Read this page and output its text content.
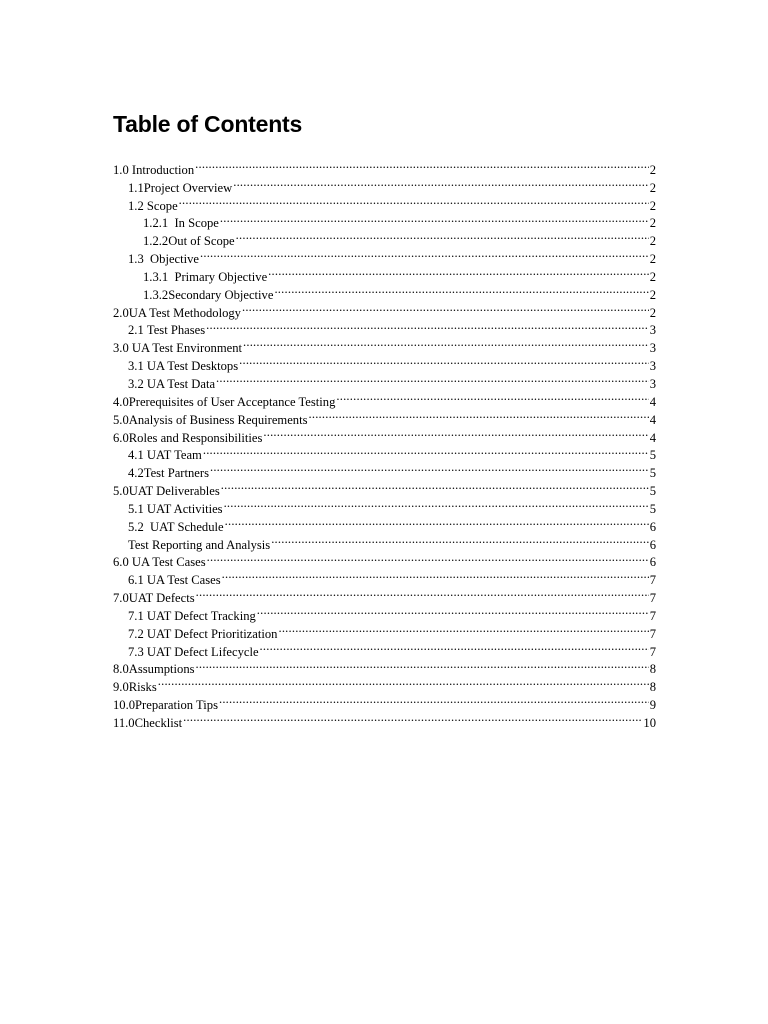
Table of Contents
1.0 Introduction .....	2
1.1 Project Overview .....	2
1.2 Scope .....	2
1.2.1 In Scope .....	2
1.2.2 Out of Scope .....	2
1.3 Objective .....	2
1.3.1 Primary Objective .....	2
1.3.2 Secondary Objective .....	2
2.0 UA Test Methodology .....	2
2.1 Test Phases .....	3
3.0 UA Test Environment .....	3
3.1 UA Test Desktops .....	3
3.2 UA Test Data .....	3
4.0 Prerequisites of User Acceptance Testing .....	4
5.0 Analysis of Business Requirements .....	4
6.0 Roles and Responsibilities .....	4
4.1 UAT Team .....	5
4.2 Test Partners .....	5
5.0 UAT Deliverables .....	5
5.1 UAT Activities .....	5
5.2 UAT Schedule .....	6
Test Reporting and Analysis .....	6
6.0 UA Test Cases .....	6
6.1 UA Test Cases .....	7
7.0 UAT Defects .....	7
7.1 UAT Defect Tracking .....	7
7.2 UAT Defect Prioritization .....	7
7.3 UAT Defect Lifecycle .....	7
8.0 Assumptions .....	8
9.0 Risks .....	8
10.0 Preparation Tips .....	9
11.0 Checklist .....	10
